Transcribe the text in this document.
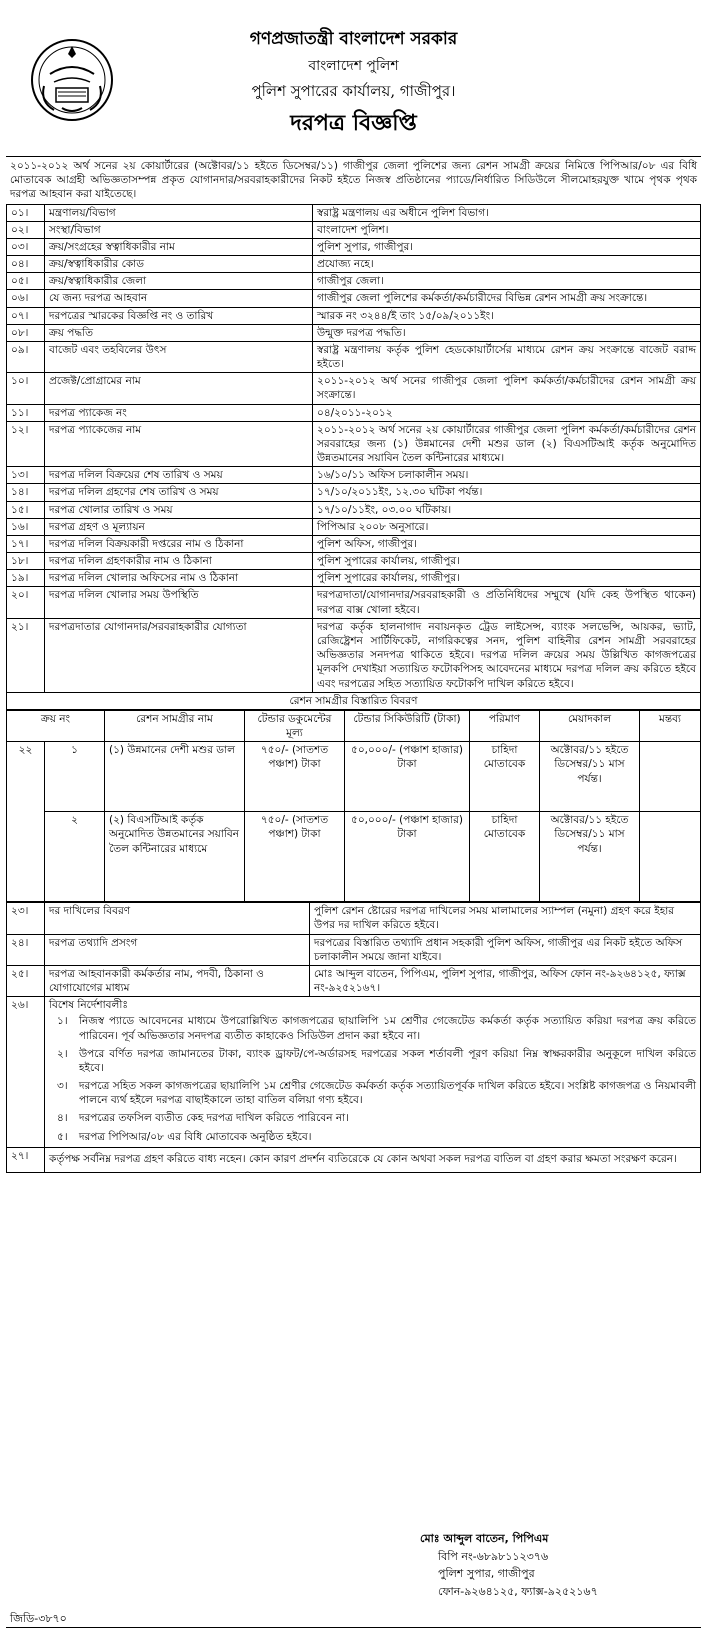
গণপ্রজাতন্ত্রী বাংলাদেশ সরকার
বাংলাদেশ পুলিশ
পুলিশ সুপারের কার্যালয়, গাজীপুর।
দরপত্র বিজ্ঞপ্তি
২০১১-২০১২ অর্থ সনের ২য় কোয়ার্টারের (অক্টোবর/১১ হইতে ডিসেম্বর/১১) গাজীপুর জেলা পুলিশের জন্য রেশন সামগ্রী ক্রয়ের নিমিত্তে পিপিআর/০৮ এর বিধি মোতাবেক আগ্রহী অভিজ্ঞতাসম্পন্ন প্রকৃত যোগানদার/সরবরাহকারীদের নিকট হইতে নিজস্ব প্রতিষ্ঠানের প্যাডে/নির্ধারিত সিডিউলে সীলমোহরযুক্ত খামে পৃথক পৃথক দরপত্র আহবান করা যাইতেছে।
০১।	মন্ত্রণালয়/বিভাগ	স্বরাষ্ট্র মন্ত্রণালয় এর অধীনে পুলিশ বিভাগ।
০২।	সংস্থা/বিভাগ	বাংলাদেশ পুলিশ।
০৩।	ক্রয়/সংগ্রহের স্বত্বাধিকারীর নাম	পুলিশ সুপার, গাজীপুর।
০৪।	ক্রয়/স্বত্বাধিকারীর কোড	প্রযোজ্য নহে।
০৫।	ক্রয়/স্বত্বাধিকারীর জেলা	গাজীপুর জেলা।
০৬।	যে জন্য দরপত্র আহবান	গাজীপুর জেলা পুলিশের কর্মকর্তা/কর্মচারীদের বিভিন্ন রেশন সামগ্রী ক্রয় সংক্রান্তে।
০৭।	দরপত্রের স্মারকের বিজ্ঞপ্তি নং ও তারিখ	স্মারক নং ৩২৪৪/ই তাং ১৫/০৯/২০১১ইং।
০৮।	ক্রয় পদ্ধতি	উন্মুক্ত দরপত্র পদ্ধতি।
০৯।	বাজেট এবং তহবিলের উৎস	স্বরাষ্ট্র মন্ত্রণালয় কর্তৃক পুলিশ হেডকোয়ার্টার্সের মাধ্যমে রেশন ক্রয় সংক্রান্তে বাজেট বরাদ্দ হইতে।
১০।	প্রজেক্ট/প্রোগ্রামের নাম	২০১১-২০১২ অর্থ সনের গাজীপুর জেলা পুলিশ কর্মকর্তা/কর্মচারীদের রেশন সামগ্রী ক্রয় সংক্রান্তে।
১১।	দরপত্র প্যাকেজ নং	০৪/২০১১-২০১২
১২।	দরপত্র প্যাকেজের নাম	২০১১-২০১২ অর্থ সনের ২য় কোয়ার্টারের গাজীপুর জেলা পুলিশ কর্মকর্তা/কর্মচারীদের রেশন সরবরাহের জন্য (১) উন্নমানের দেশী মশুর ডাল (২) বিএসটিআই কর্তৃক অনুমোদিত উন্নতমানের সয়াবিন তৈল কন্টিনারের মাধ্যমে।
১৩।	দরপত্র দলিল বিক্রয়ের শেষ তারিখ ও সময়	১৬/১০/১১ অফিস চলাকালীন সময়।
১৪।	দরপত্র দলিল গ্রহণের শেষ তারিখ ও সময়	১৭/১০/২০১১ইং, ১২.৩০ ঘটিকা পর্যন্ত।
১৫।	দরপত্র খোলার তারিখ ও সময়	১৭/১০/১১ইং, ০৩.০০ ঘটিকায়।
১৬।	দরপত্র গ্রহণ ও মূল্যায়ন	পিপিআর ২০০৮ অনুসারে।
১৭।	দরপত্র দলিল বিক্রয়কারী দপ্তরের নাম ও ঠিকানা	পুলিশ অফিস, গাজীপুর।
১৮।	দরপত্র দলিল গ্রহণকারীর নাম ও ঠিকানা	পুলিশ সুপারের কার্যালয়, গাজীপুর।
১৯।	দরপত্র দলিল খোলার অফিসের নাম ও ঠিকানা	পুলিশ সুপারের কার্যালয়, গাজীপুর।
২০।	দরপত্র দলিল খোলার সময় উপস্থিতি	দরপত্রদাতা/যোগানদার/সরবরাহকারী ও প্রতিনিধিদের সম্মুখে (যদি কেহ উপস্থিত থাকেন) দরপত্র বাক্স খোলা হইবে।
২১।	দরপত্রদাতার যোগানদার/সরবরাহকারীর যোগ্যতা	দরপত্র কর্তৃক হালনাগাদ নবায়নকৃত ট্রেড লাইসেন্স, ব্যাংক সলভেন্সি, আয়কর, ভ্যাট, রেজিষ্ট্রেশন সার্টিফিকেট, নাগরিকত্বের সনদ, পুলিশ বাহিনীর রেশন সামগ্রী সরবরাহের অভিজ্ঞতার সনদপত্র থাকিতে হইবে। দরপত্র দলিল ক্রয়ের সময় উল্লিখিত কাগজপত্রের মূলকপি দেখাইয়া সত্যায়িত ফটোকপিসহ আবেদনের মাধ্যমে দরপত্র দলিল ক্রয় করিতে হইবে এবং দরপত্রের সহিত সত্যায়িত ফটোকপি দাখিল করিতে হইবে।
রেশন সামগ্রীর বিস্তারিত বিবরণ
ক্রয় নং		রেশন সামগ্রীর নাম	টেন্ডার ডকুমেন্টের মূল্য	টেন্ডার সিকিউরিটি (টাকা)	পরিমাণ	মেয়াদকাল	মন্তব্য
২২	১	(১) উন্নমানের দেশী মশুর ডাল	৭৫০/- (সাতশত পঞ্চাশ) টাকা	৫০,০০০/- (পঞ্চাশ হাজার) টাকা	চাহিদা মোতাবেক	অক্টোবর/১১ হইতে ডিসেম্বর/১১ মাস পর্যন্ত।	
	২	(২) বিএসটিআই কর্তৃক অনুমোদিত উন্নতমানের সয়াবিন তৈল কন্টিনারের মাধ্যমে	৭৫০/- (সাতশত পঞ্চাশ) টাকা	৫০,০০০/- (পঞ্চাশ হাজার) টাকা	চাহিদা মোতাবেক	অক্টোবর/১১ হইতে ডিসেম্বর/১১ মাস পর্যন্ত।	
২৩।	দর দাখিলের বিবরণ	পুলিশ রেশন ষ্টোরের দরপত্র দাখিলের সময় মালামালের স্যাম্পল (নমুনা) গ্রহণ করে ইহার উপর দর দাখিল করিতে হইবে।
২৪।	দরপত্র তথ্যাদি প্রসংগ	দরপত্রের বিস্তারিত তথ্যাদি প্রধান সহকারী পুলিশ অফিস, গাজীপুর এর নিকট হইতে অফিস চলাকালীন সময়ে জানা যাইবে।
২৫।	দরপত্র আহবানকারী কর্মকর্তার নাম, পদবী, ঠিকানা ও যোগাযোগের মাধ্যম	মোঃ আব্দুল বাতেন, পিপিএম, পুলিশ সুপার, গাজীপুর, অফিস ফোন নং-৯২৬৪১২৫, ফ্যাক্স নং-৯২৫২১৬৭।
২৬।	বিশেষ নির্দেশাবলীঃ
১।	নিজস্ব প্যাডে আবেদনের মাধ্যমে উপরোল্লিখিত কাগজপত্রের ছায়ালিপি ১ম শ্রেণীর গেজেটেড কর্মকর্তা কর্তৃক সত্যায়িত করিয়া দরপত্র ক্রয় করিতে পারিবেন। পূর্ব অভিজ্ঞতার সনদপত্র ব্যতীত কাহাকেও সিডিউল প্রদান করা হইবে না।
২।	উপরে বর্ণিত দরপত্র জামানতের টাকা, ব্যাংক ড্রাফট/পে-অর্ডারসহ দরপত্রের সকল শর্তাবলী পূরণ করিয়া নিম্ন স্বাক্ষরকারীর অনুকূলে দাখিল করিতে হইবে।
৩।	দরপত্রে সহিত সকল কাগজপত্রের ছায়ালিপি ১ম শ্রেণীর গেজেটেড কর্মকর্তা কর্তৃক সত্যায়িতপূর্বক দাখিল করিতে হইবে। সংশ্লিষ্ট কাগজপত্র ও নিয়মাবলী পালনে ব্যর্থ হইলে দরপত্র বাছাইকালে তাহা বাতিল বলিয়া গণ্য হইবে।
৪।	দরপত্রের তফসিল ব্যতীত কেহ দরপত্র দাখিল করিতে পারিবেন না।
৫।	দরপত্র পিপিআর/০৮ এর বিধি মোতাবেক অনুষ্ঠিত হইবে।
২৭।	কর্তৃপক্ষ সর্বনিম্ন দরপত্র গ্রহণ করিতে বাধ্য নহেন। কোন কারণ প্রদর্শন ব্যতিরেকে যে কোন অথবা সকল দরপত্র বাতিল বা গ্রহণ করার ক্ষমতা সংরক্ষণ করেন।
মোঃ আব্দুল বাতেন, পিপিএম
বিপি নং-৬৮৯৮১১২৩৭৬
পুলিশ সুপার, গাজীপুর
ফোন-৯২৬৪১২৫, ফ্যাক্স-৯২৫২১৬৭
জিডি-৩৮৭০
